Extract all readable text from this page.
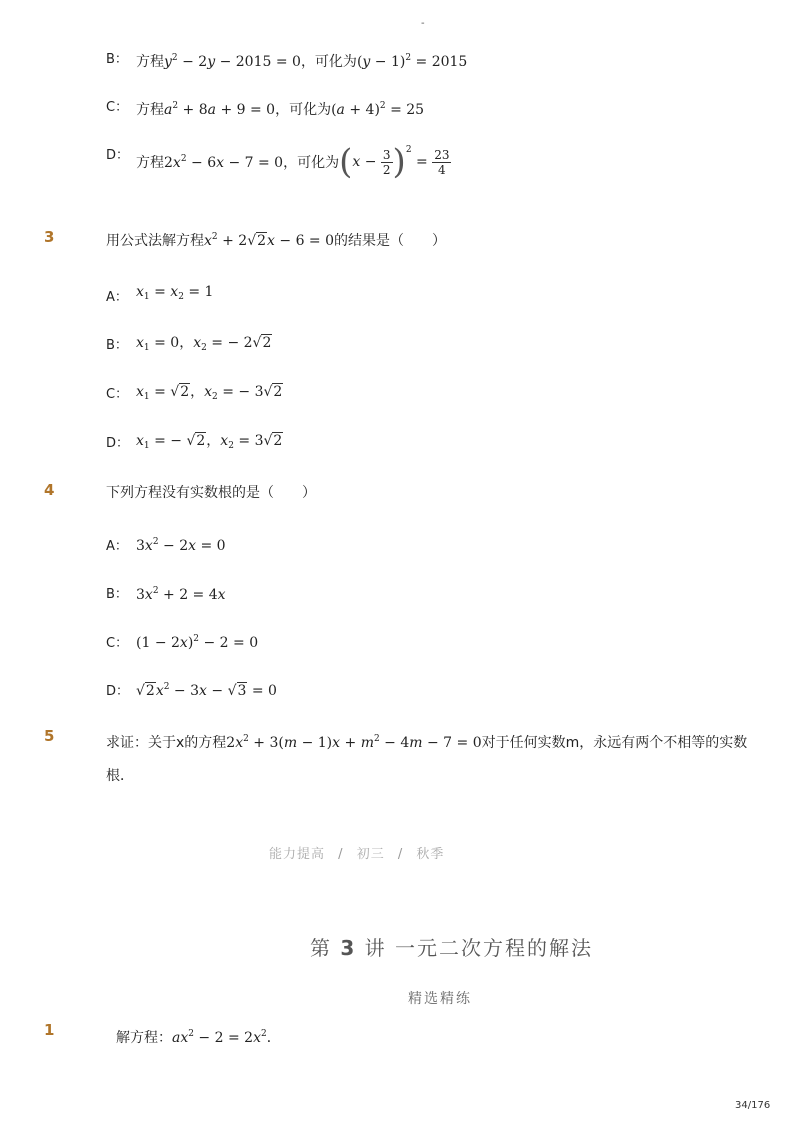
-
B： 方程$y^2 - 2y - 2015 = 0$，可化为$(y - 1)^2 = 2015$
C： 方程$a^2 + 8a + 9 = 0$，可化为$(a + 4)^2 = 25$
D： 方程$2x^2 - 6x - 7 = 0$，可化为$(x - \frac{3}{2} )^2 = \frac{23}{4}$
3	用公式法解方程$x^2 + 2√2x - 6 = 0$的结果是（　　）
A： $x_1 = x_2 = 1$
B： $x_1 = 0$，$x_2$ = − 2√2
C： $x_1 = √2$，$x_2$ = − 3√2
D： $x_1$ = − √2，$x_2 = 3√2$
4	下列方程没有实数根的是（　　）
A： $3x^2 - 2x = 0$
B： $3x^2 + 2 = 4x$
C： $(1 - 2x)^2 - 2 = 0$
D： $√2x^2 - 3x - √3 = 0$
5	求证：关于x的方程$2x^2 + 3(m - 1)x + m^2 - 4m - 7 = 0$对于任何实数m，永远有两个不相等的实数
根．
能力提高 / 初三 / 秋季
第 3 讲 一元二次方程的解法
精选精练
1	解方程：$ax^2 - 2 = 2x^2$．
34/176
